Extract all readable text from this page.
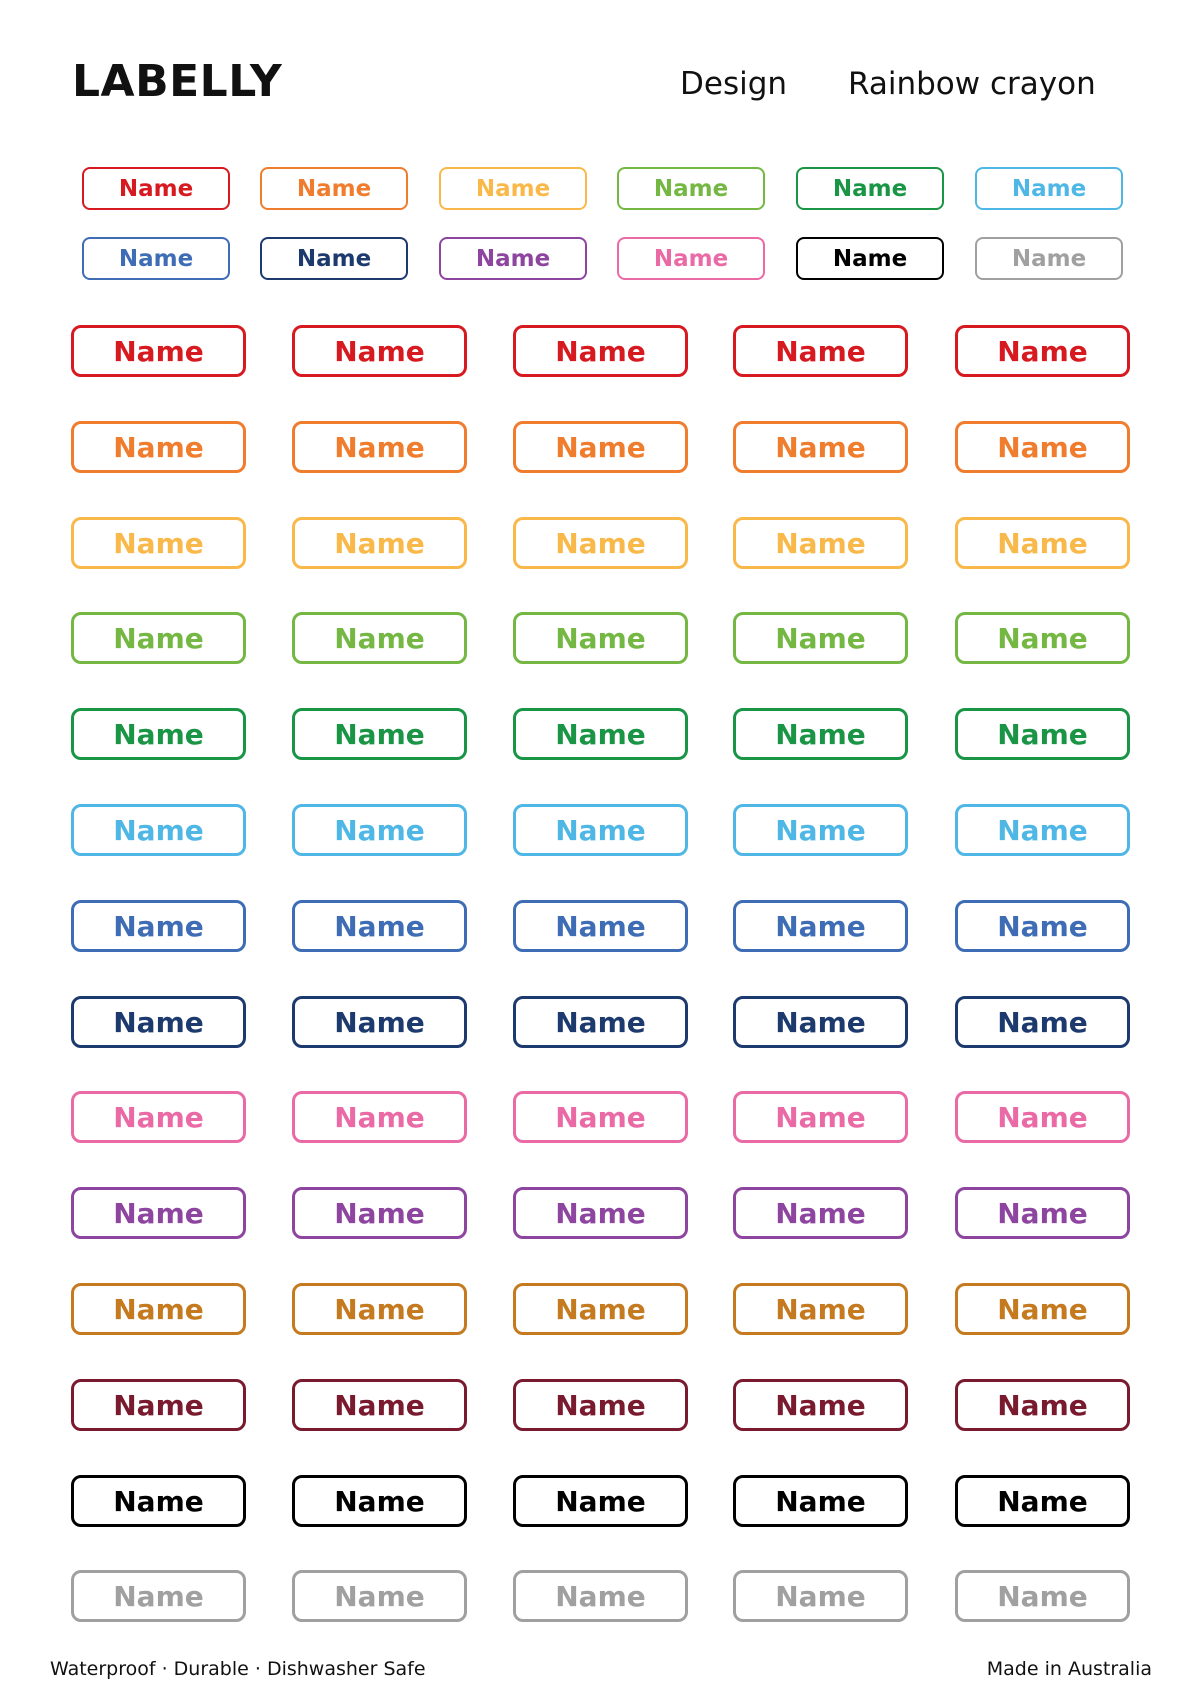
LABELLY	Design Rainbow crayon
Name	Name	Name	Name	Name	Name
Name	Name	Name	Name	Name	Name
Name	Name	Name	Name	Name
Name	Name	Name	Name	Name
Name	Name	Name	Name	Name
Name	Name	Name	Name	Name
Name	Name	Name	Name	Name
Name	Name	Name	Name	Name
Name	Name	Name	Name	Name
Name	Name	Name	Name	Name
Name	Name	Name	Name	Name
Name	Name	Name	Name	Name
Name	Name	Name	Name	Name
Name	Name	Name	Name	Name
Name	Name	Name	Name	Name
Name	Name	Name	Name	Name
Waterproof · Durable · Dishwasher Safe	Made in Australia
